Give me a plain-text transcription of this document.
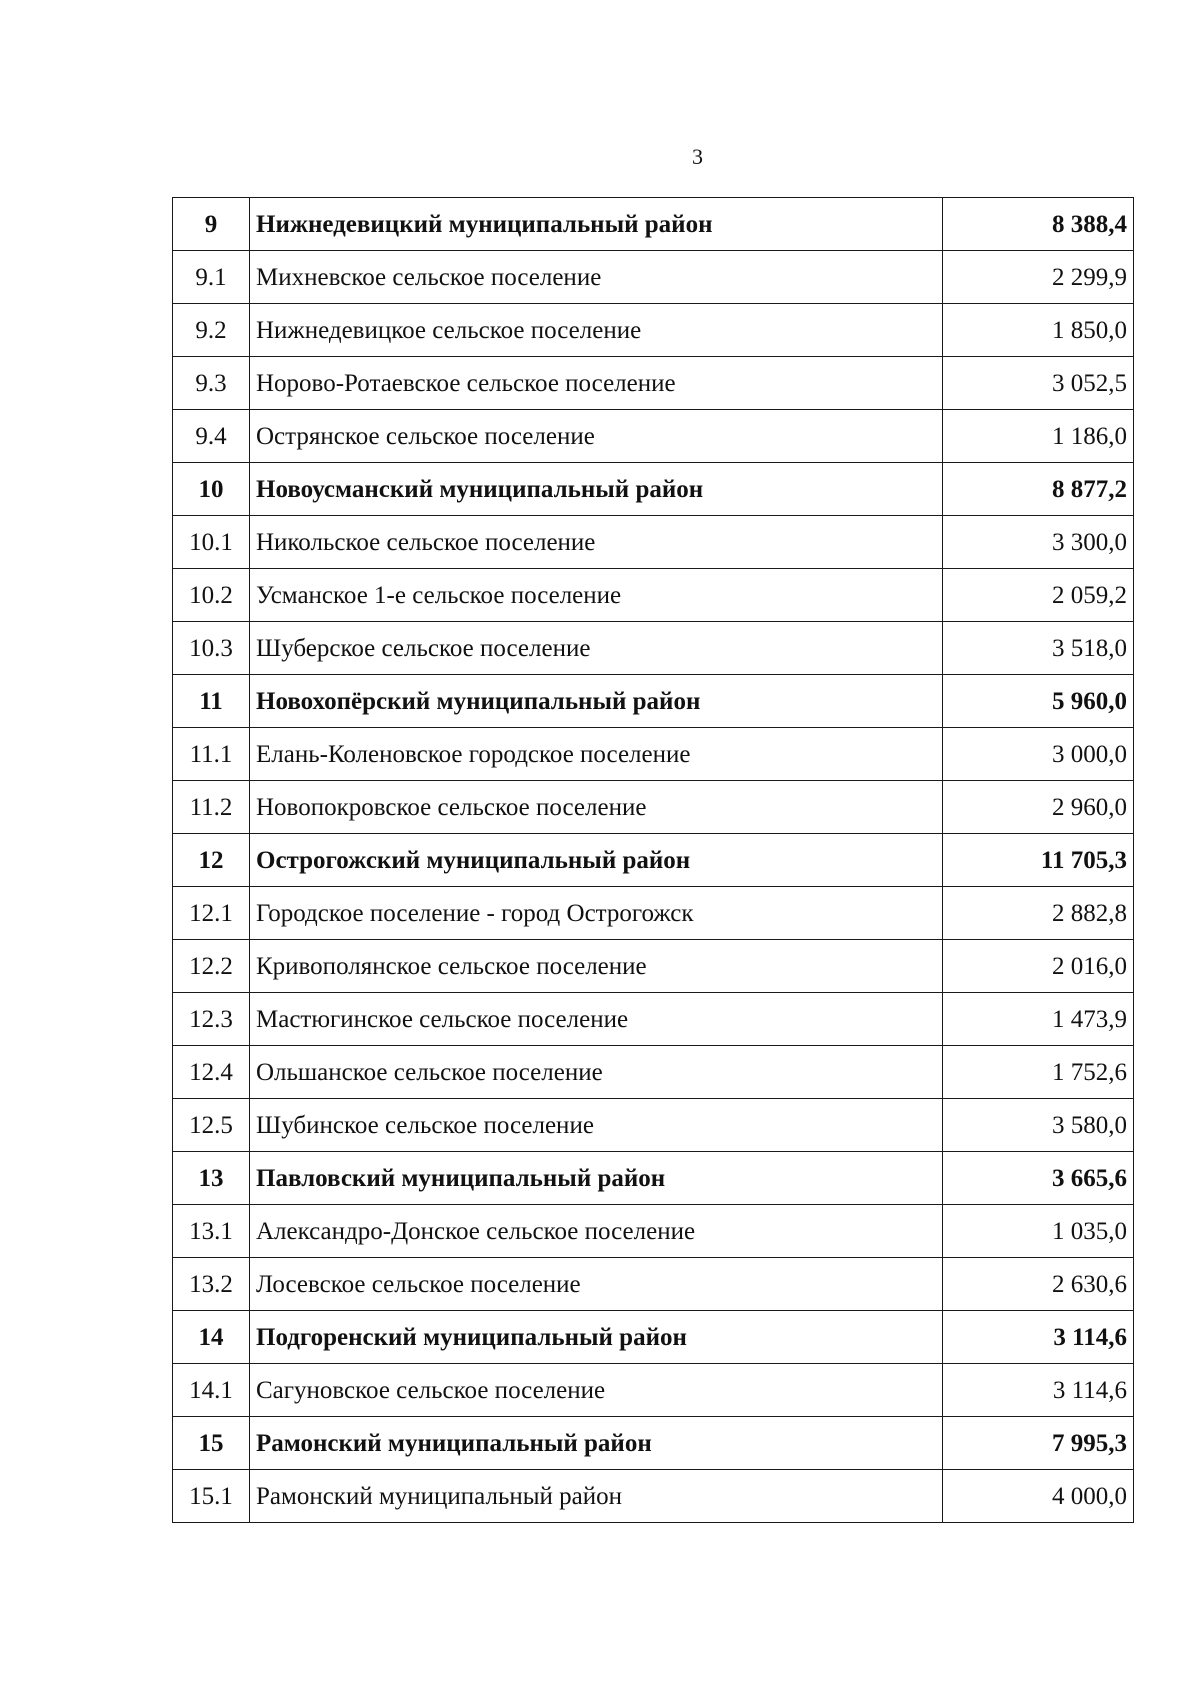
3
9	Нижнедевицкий муниципальный район	8 388,4
9.1	Михневское сельское поселение	2 299,9
9.2	Нижнедевицкое сельское поселение	1 850,0
9.3	Норово-Ротаевское сельское поселение	3 052,5
9.4	Острянское сельское поселение	1 186,0
10	Новоусманский муниципальный район	8 877,2
10.1	Никольское сельское поселение	3 300,0
10.2	Усманское 1-е сельское поселение	2 059,2
10.3	Шуберское сельское поселение	3 518,0
11	Новохопёрский муниципальный район	5 960,0
11.1	Елань-Коленовское городское поселение	3 000,0
11.2	Новопокровское сельское поселение	2 960,0
12	Острогожский муниципальный район	11 705,3
12.1	Городское поселение - город Острогожск	2 882,8
12.2	Кривополянское сельское поселение	2 016,0
12.3	Мастюгинское сельское поселение	1 473,9
12.4	Ольшанское сельское поселение	1 752,6
12.5	Шубинское сельское поселение	3 580,0
13	Павловский муниципальный район	3 665,6
13.1	Александро-Донское сельское поселение	1 035,0
13.2	Лосевское сельское поселение	2 630,6
14	Подгоренский муниципальный район	3 114,6
14.1	Сагуновское сельское поселение	3 114,6
15	Рамонский муниципальный район	7 995,3
15.1	Рамонский муниципальный район	4 000,0
